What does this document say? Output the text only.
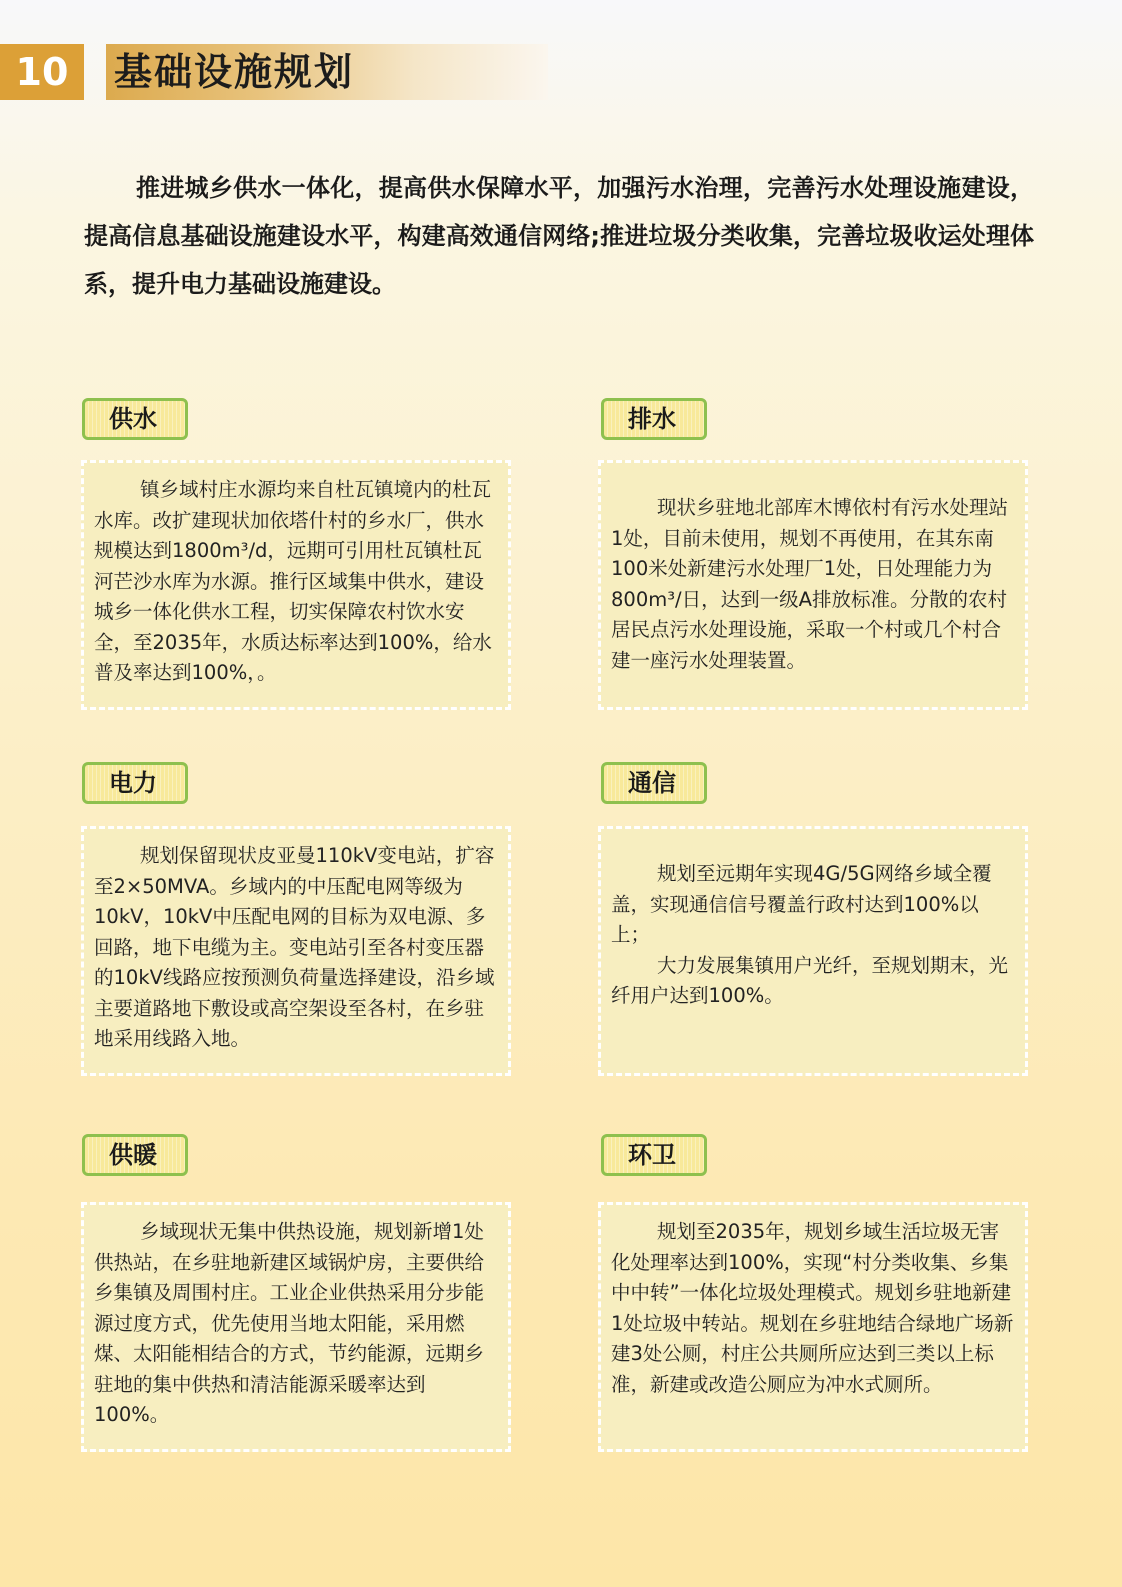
10	基础设施规划
推进城乡供水一体化，提高供水保障水平，加强污水治理，完善污水处理设施建设，提高信息基础设施建设水平，构建高效通信网络;推进垃圾分类收集，完善垃圾收运处理体系，提升电力基础设施建设。
供水

镇乡域村庄水源均来自杜瓦镇境内的杜瓦水库。改扩建现状加依塔什村的乡水厂，供水规模达到1800m³/d，远期可引用杜瓦镇杜瓦河芒沙水库为水源。推行区域集中供水，建设城乡一体化供水工程，切实保障农村饮水安全，至2035年，水质达标率达到100%，给水普及率达到100%，。

排水

现状乡驻地北部库木博依村有污水处理站1处，目前未使用，规划不再使用，在其东南100米处新建污水处理厂1处，日处理能力为800m³/日，达到一级A排放标准。分散的农村居民点污水处理设施，采取一个村或几个村合建一座污水处理装置。

电力

规划保留现状皮亚曼110kV变电站，扩容至2×50MVA。乡域内的中压配电网等级为10kV，10kV中压配电网的目标为双电源、多回路，地下电缆为主。变电站引至各村变压器的10kV线路应按预测负荷量选择建设，沿乡域主要道路地下敷设或高空架设至各村，在乡驻地采用线路入地。

通信

规划至远期年实现4G/5G网络乡域全覆盖，实现通信信号覆盖行政村达到100%以上；

大力发展集镇用户光纤，至规划期末，光纤用户达到100%。

供暖

乡域现状无集中供热设施，规划新增1处供热站，在乡驻地新建区域锅炉房，主要供给乡集镇及周围村庄。工业企业供热采用分步能源过度方式，优先使用当地太阳能，采用燃煤、太阳能相结合的方式，节约能源，远期乡驻地的集中供热和清洁能源采暖率达到100%。

环卫

规划至2035年，规划乡域生活垃圾无害化处理率达到100%，实现“村分类收集、乡集中中转”一体化垃圾处理模式。规划乡驻地新建1处垃圾中转站。规划在乡驻地结合绿地广场新建3处公厕，村庄公共厕所应达到三类以上标准，新建或改造公厕应为冲水式厕所。
